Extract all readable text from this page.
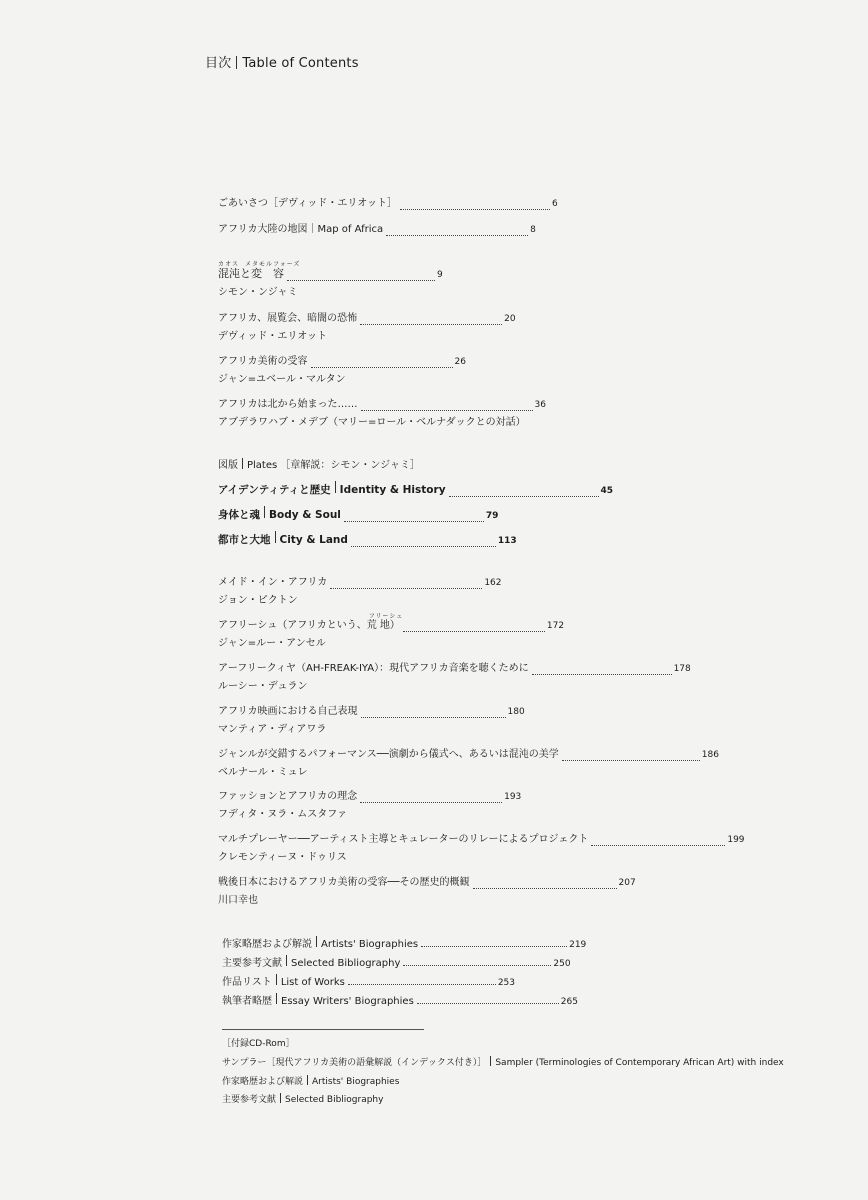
目次 Table of Contents
ごあいさつ［デヴィッド・エリオット］	6
アフリカ大陸の地図｜Map of Africa	8
カオス
混沌と
メタモルフォーズ
変　容	9
シモン・ンジャミ
アフリカ、展覧会、暗闇の恐怖	20
デヴィッド・エリオット
アフリカ美術の受容	26
ジャン=ユベール・マルタン
アフリカは北から始まった……	36
アブデラワハブ・メデブ（マリー=ロール・ベルナダックとの対話）
図版 Plates ［章解説：シモン・ンジャミ］
アイデンティティと歴史 Identity & History	45
身体と魂 Body & Soul	79
都市と大地 City & Land	113
メイド・イン・アフリカ	162
ジョン・ピクトン
アフリーシュ（アフリカという、
フリーシュ
荒 地 ）	172
ジャン=ルー・アンセル
アーフリークィヤ（AH-FREAK-IYA）：現代アフリカ音楽を聴くために	178
ルーシー・デュラン
アフリカ映画における自己表現	180
マンティア・ディアワラ
ジャンルが交錯するパフォーマンス──演劇から儀式へ、あるいは混沌の美学	186
ベルナール・ミュレ
ファッションとアフリカの理念	193
フディタ・ヌラ・ムスタファ
マルチプレーヤー──アーティスト主導とキュレーターのリレーによるプロジェクト	199
クレモンティーヌ・ドゥリス
戦後日本におけるアフリカ美術の受容──その歴史的概観	207
川口幸也
作家略歴および解説 Artists' Biographies	219
主要参考文献 Selected Bibliography	250
作品リスト List of Works	253
執筆者略歴 Essay Writers' Biographies	265
［付録CD-Rom］
サンプラー［現代アフリカ美術の語彙解説（インデックス付き）］ Sampler (Terminologies of Contemporary African Art) with index
作家略歴および解説 Artists' Biographies
主要参考文献 Selected Bibliography
